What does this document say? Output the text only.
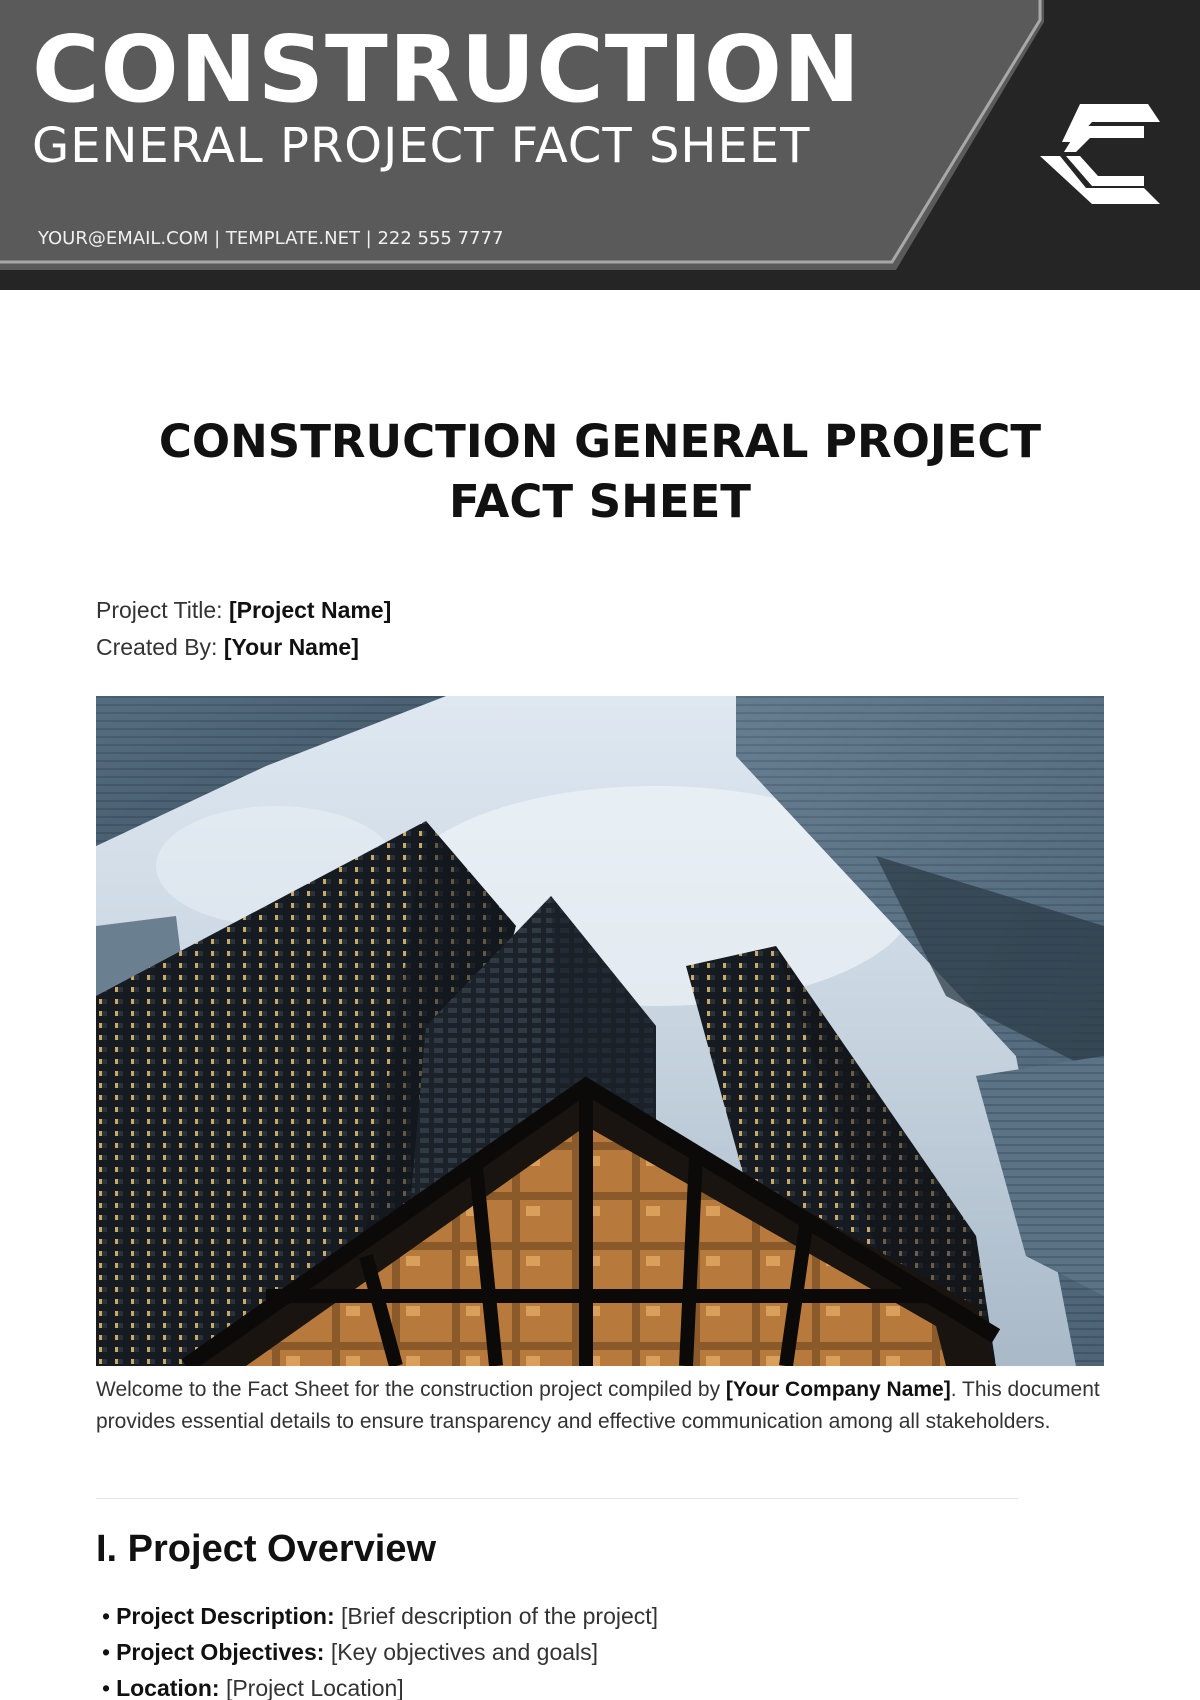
CONSTRUCTION
GENERAL PROJECT FACT SHEET
YOUR@EMAIL.COM | TEMPLATE.NET | 222 555 7777
CONSTRUCTION GENERAL PROJECT FACT SHEET
Project Title: [Project Name]
Created By: [Your Name]

Welcome to the Fact Sheet for the construction project compiled by [Your Company Name]. This document provides essential details to ensure transparency and effective communication among all stakeholders.

I. Project Overview
• Project Description: [Brief description of the project]
• Project Objectives: [Key objectives and goals]
• Location: [Project Location]
